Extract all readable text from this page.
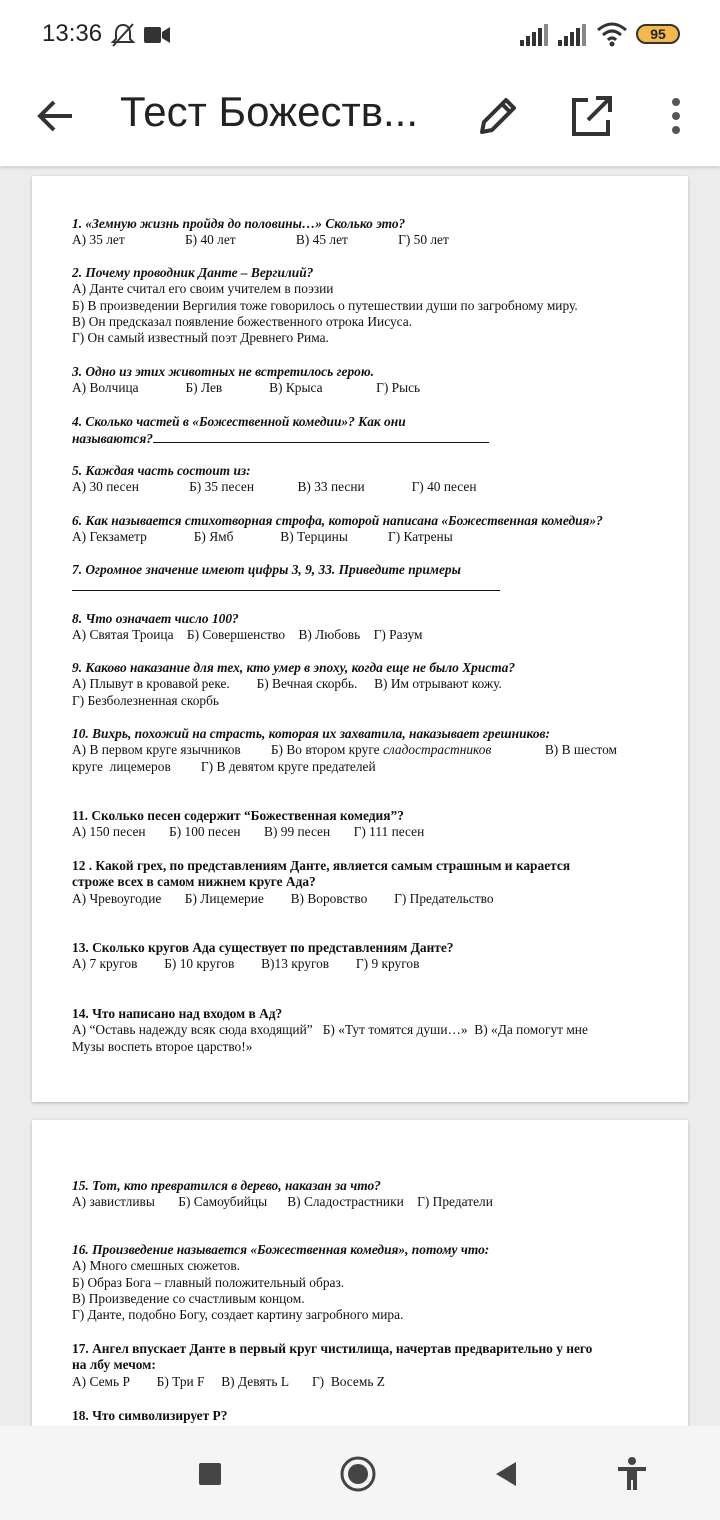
13:36	95
Тест Божеств...
1. «Земную жизнь пройдя до половины…» Сколько это?
А) 35 лет                  Б) 40 лет                  В) 45 лет               Г) 50 лет
2. Почему проводник Данте – Вергилий?
А) Данте считал его своим учителем в поэзии
Б) В произведении Вергилия тоже говорилось о путешествии души по загробному миру.
В) Он предсказал появление божественного отрока Иисуса.
Г) Он самый известный поэт Древнего Рима.
3. Одно из этих животных не встретилось герою.
А) Волчица              Б) Лев              В) Крыса                Г) Рысь
4. Сколько частей в «Божественной комедии»? Как они
называются?
5. Каждая часть состоит из:
А) 30 песен               Б) 35 песен             В) 33 песни              Г) 40 песен
6. Как называется стихотворная строфа, которой написана «Божественная комедия»?
А) Гекзаметр              Б) Ямб              В) Терцины            Г) Катрены
7. Огромное значение имеют цифры 3, 9, 33. Приведите примеры
8. Что означает число 100?
А) Святая Троица    Б) Совершенство    В) Любовь    Г) Разум
9. Каково наказание для тех, кто умер в эпоху, когда еще не было Христа?
А) Плывут в кровавой реке.        Б) Вечная скорбь.     В) Им отрывают кожу.
Г) Безболезненная скорбь
10. Вихрь, похожий на страсть, которая их захватила, наказывает грешников:
А) В первом круге язычников         Б) Во втором круге сладострастников                В) В шестом
круге  лицемеров         Г) В девятом круге предателей
11. Сколько песен содержит “Божественная комедия”?
А) 150 песен       Б) 100 песен       В) 99 песен       Г) 111 песен
12 . Какой грех, по представлениям Данте, является самым страшным и карается
строже всех в самом нижнем круге Ада?
А) Чревоугодие       Б) Лицемерие        В) Воровство        Г) Предательство
13. Сколько кругов Ада существует по представлениям Данте?
А) 7 кругов        Б) 10 кругов        В)13 кругов        Г) 9 кругов
14. Что написано над входом в Ад?
А) “Оставь надежду всяк сюда входящий”   Б) «Тут томятся души…»  В) «Да помогут мне
Музы воспеть второе царство!»
15. Тот, кто превратился в дерево, наказан за что?
А) завистливы       Б) Самоубийцы      В) Сладострастники    Г) Предатели
16. Произведение называется «Божественная комедия», потому что:
А) Много смешных сюжетов.
Б) Образ Бога – главный положительный образ.
В) Произведение со счастливым концом.
Г) Данте, подобно Богу, создает картину загробного мира.
17. Ангел впускает Данте в первый круг чистилища, начертав предварительно у него
на лбу мечом:
А) Семь Р        Б) Три F     В) Девять L       Г)  Восемь Z
18. Что символизирует Р?
